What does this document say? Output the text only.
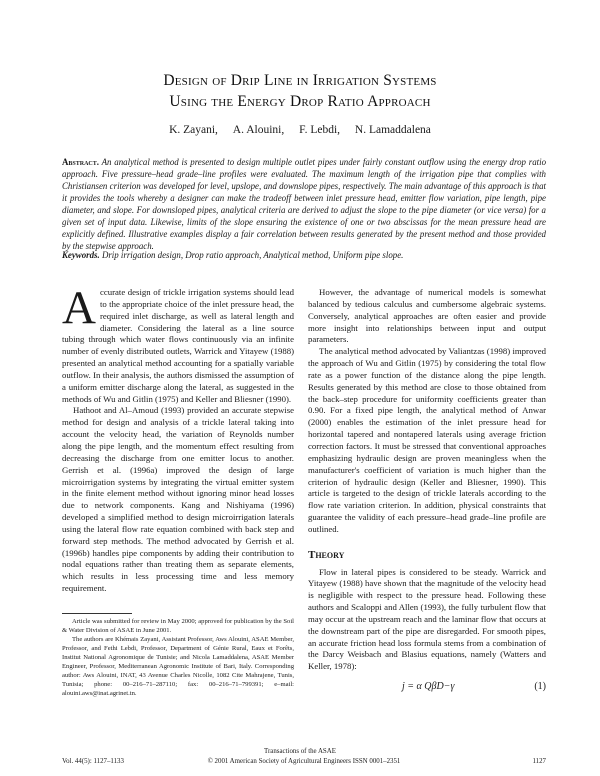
Design of Drip Line in Irrigation Systems
Using the Energy Drop Ratio Approach
K. Zayani, A. Alouini, F. Lebdi, N. Lamaddalena
Abstract. An analytical method is presented to design multiple outlet pipes under fairly constant outflow using the energy drop ratio approach. Five pressure–head grade–line profiles were evaluated. The maximum length of the irrigation pipe that complies with Christiansen criterion was developed for level, upslope, and downslope pipes, respectively. The main advantage of this approach is that it provides the tools whereby a designer can make the tradeoff between inlet pressure head, emitter flow variation, pipe length, pipe diameter, and slope. For downsloped pipes, analytical criteria are derived to adjust the slope to the pipe diameter (or vice versa) for a given set of input data. Likewise, limits of the slope ensuring the existence of one or two abscissas for the mean pressure head are explicitly defined. Illustrative examples display a fair correlation between results generated by the present method and those provided by the stepwise approach.
Keywords. Drip irrigation design, Drop ratio approach, Analytical method, Uniform pipe slope.

Accurate design of trickle irrigation systems should lead to the appropriate choice of the inlet pressure head, the required inlet discharge, as well as lateral length and diameter. Considering the lateral as a line source tubing through which water flows continuously via an infinite number of evenly distributed outlets, Warrick and Yitayew (1988) presented an analytical method accounting for a spatially variable outflow. In their analysis, the authors dismissed the assumption of a uniform emitter discharge along the lateral, as suggested in the methods of Wu and Gitlin (1975) and Keller and Bliesner (1990).

Hathoot and Al–Amoud (1993) provided an accurate stepwise method for design and analysis of a trickle lateral taking into account the velocity head, the variation of Reynolds number along the pipe length, and the momentum effect resulting from decreasing the discharge from one emitter locus to another. Gerrish et al. (1996a) improved the design of large microirrigation systems by integrating the virtual emitter system in the finite element method without ignoring minor head losses due to network components. Kang and Nishiyama (1996) developed a simplified method to design microirrigation laterals using the lateral flow rate equation combined with back step and forward step methods. The method advocated by Gerrish et al. (1996b) handles pipe components by adding their contribution to nodal equations rather than treating them as separate elements, which results in less processing time and less memory requirement.

However, the advantage of numerical models is somewhat balanced by tedious calculus and cumbersome algebraic systems. Conversely, analytical approaches are often easier and provide more insight into relationships between input and output parameters.

The analytical method advocated by Valiantzas (1998) improved the approach of Wu and Gitlin (1975) by considering the total flow rate as a power function of the distance along the pipe length. Results generated by this method are close to those obtained from the back–step procedure for uniformity coefficients greater than 0.90. For a fixed pipe length, the analytical method of Anwar (2000) enables the estimation of the inlet pressure head for horizontal tapered and nontapered laterals using average friction correction factors. It must be stressed that conventional approaches emphasizing hydraulic design are proven meaningless when the manufacturer's coefficient of variation is much higher than the criterion of hydraulic design (Keller and Bliesner, 1990). This article is targeted to the design of trickle laterals according to the flow rate variation criterion. In addition, physical constraints that guarantee the validity of each pressure–head grade–line profile are outlined.

Theory

Flow in lateral pipes is considered to be steady. Warrick and Yitayew (1988) have shown that the magnitude of the velocity head is negligible with respect to the pressure head. Following these authors and Scaloppi and Allen (1993), the fully turbulent flow that may occur at the upstream reach and the laminar flow that occurs at the downstream part of the pipe are disregarded. For smooth pipes, an accurate friction head loss formula stems from a combination of the Darcy Weisbach and Blasius equations, namely (Watters and Keller, 1978):

j = α QβD−γ	(1)

Article was submitted for review in May 2000; approved for publication by the Soil & Water Division of ASAE in June 2001.

The authors are Khémais Zayani, Assistant Professor, Aws Alouini, ASAE Member, Professor, and Fethi Lebdi, Professor, Department of Génie Rural, Eaux et Forêts, Institut National Agronomique de Tunisie; and Nicola Lamaddalena, ASAE Member Engineer, Professor, Mediterranean Agronomic Institute of Bari, Italy. Corresponding author: Aws Alouini, INAT, 43 Avenue Charles Nicolle, 1082 Cite Mahrajene, Tunis, Tunisia; phone: 00–216–71–287110; fax: 00–216–71–799391; e–mail: alouini.aws@inat.agrinet.tn.

Transactions of the ASAE
Vol. 44(5): 1127–1133	© 2001 American Society of Agricultural Engineers ISSN 0001–2351	1127
